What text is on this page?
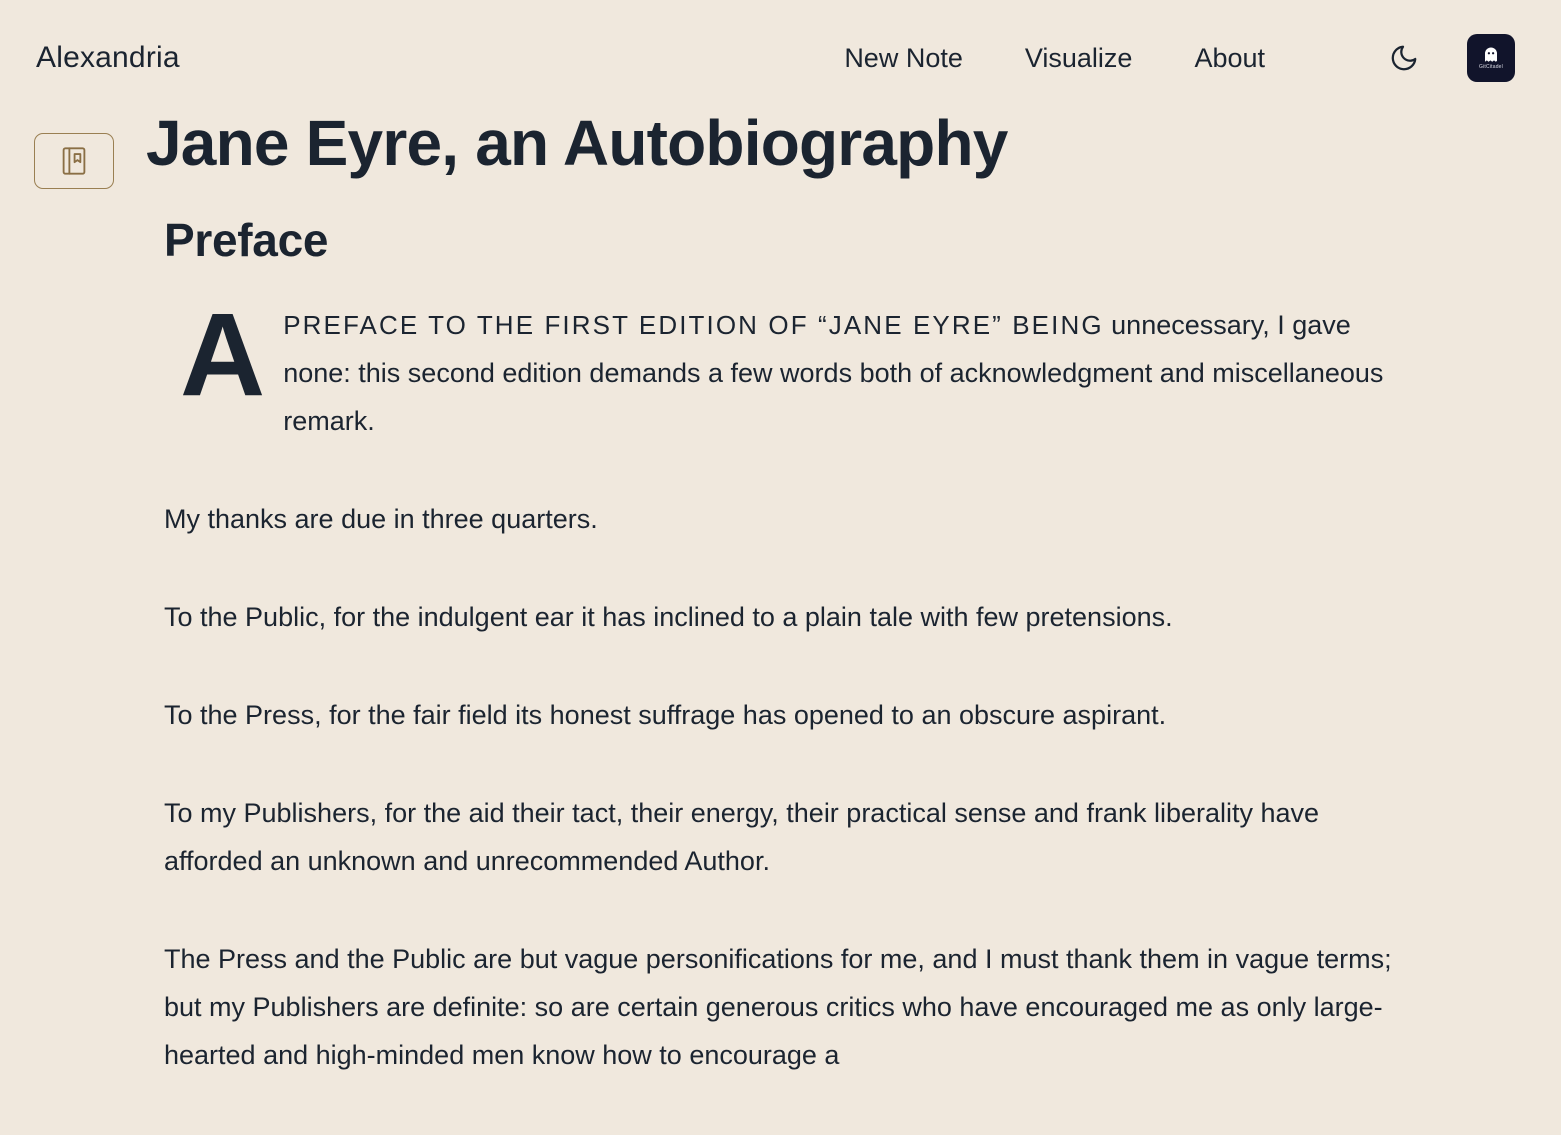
Alexandria	New Note Visualize About	GitCitadel
Jane Eyre, an Autobiography
Preface

APREFACE TO THE FIRST EDITION OF “JANE EYRE” BEING unnecessary, I gave none: this second edition demands a few words both of acknowledgment and miscellaneous remark.

My thanks are due in three quarters.

To the Public, for the indulgent ear it has inclined to a plain tale with few pretensions.

To the Press, for the fair field its honest suffrage has opened to an obscure aspirant.

To my Publishers, for the aid their tact, their energy, their practical sense and frank liberality have afforded an unknown and unrecommended Author.

The Press and the Public are but vague personifications for me, and I must thank them in vague terms; but my Publishers are definite: so are certain generous critics who have encouraged me as only large-hearted and high-minded men know how to encourage a
